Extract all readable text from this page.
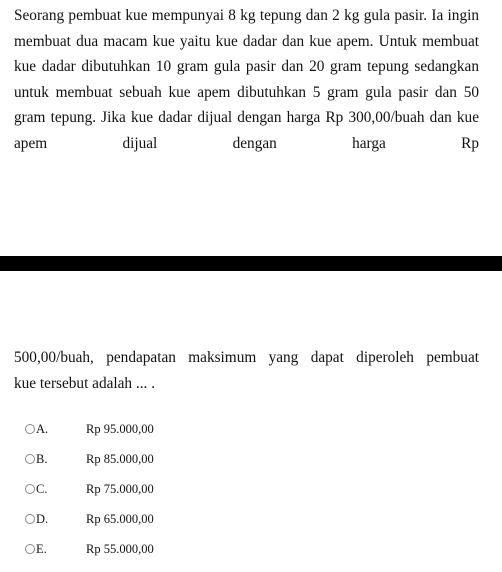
Seorang pembuat kue mempunyai 8 kg tepung dan 2 kg gula pasir. Ia ingin membuat dua macam kue yaitu kue dadar dan kue apem. Untuk membuat kue dadar dibutuhkan 10 gram gula pasir dan 20 gram tepung sedangkan untuk membuat sebuah kue apem dibutuhkan 5 gram gula pasir dan 50 gram tepung. Jika kue dadar dijual dengan harga Rp 300,00/buah dan kue apem dijual dengan harga Rp

500,00/buah, pendapatan maksimum yang dapat diperoleh pembuat

kue tersebut adalah ... .

A.	Rp 95.000,00
B.	Rp 85.000,00
C.	Rp 75.000,00
D.	Rp 65.000,00
E.	Rp 55.000,00
